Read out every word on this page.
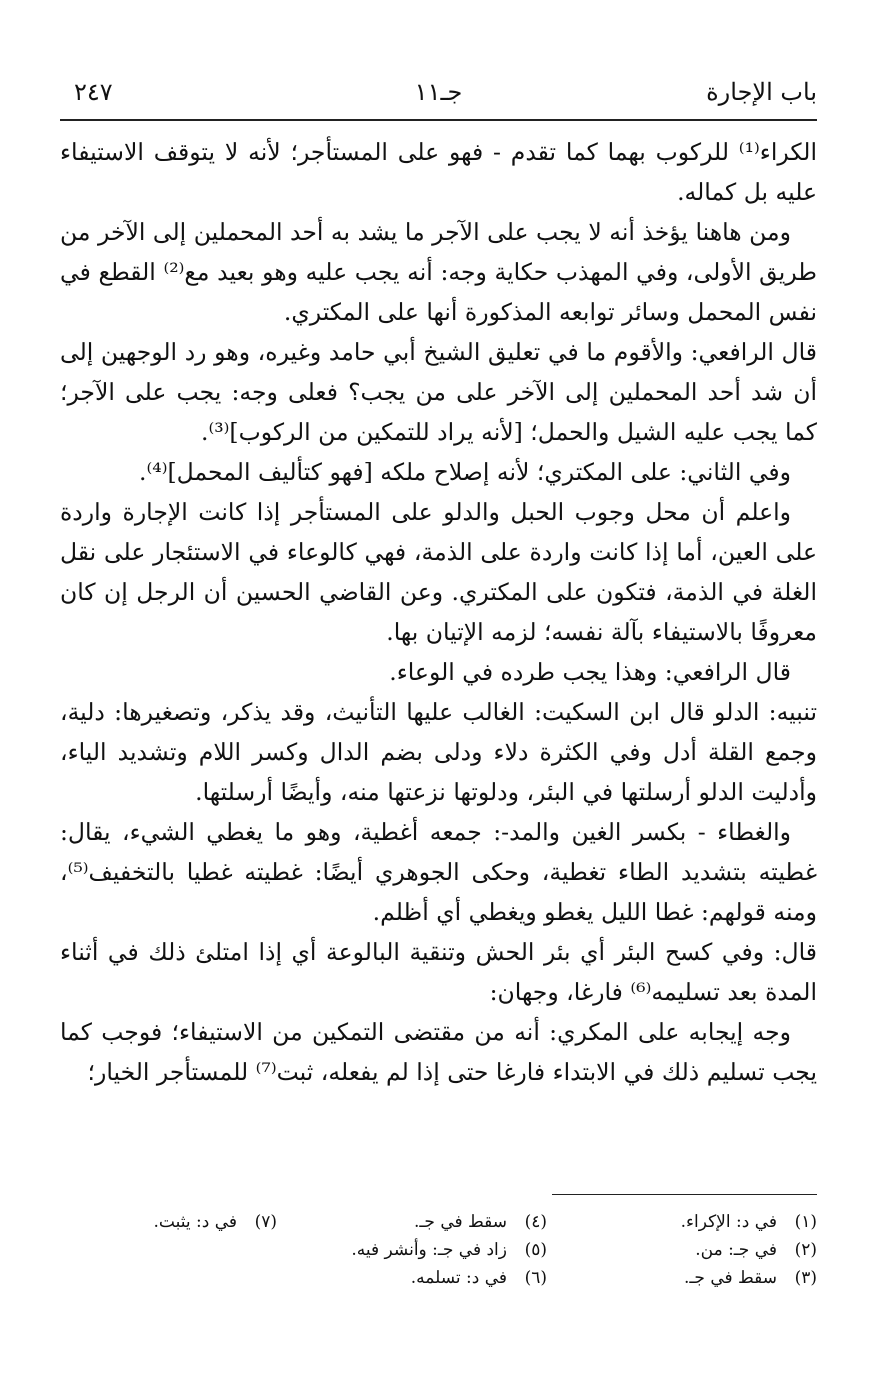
باب الإجارة
جـ١١
٢٤٧

الكراء⁽¹⁾ للركوب بهما كما تقدم - فهو على المستأجر؛ لأنه لا يتوقف الاستيفاء عليه بل كماله.

ومن هاهنا يؤخذ أنه لا يجب على الآجر ما يشد به أحد المحملين إلى الآخر من طريق الأولى، وفي المهذب حكاية وجه: أنه يجب عليه وهو بعيد مع⁽²⁾ القطع في نفس المحمل وسائر توابعه المذكورة أنها على المكتري.

قال الرافعي: والأقوم ما في تعليق الشيخ أبي حامد وغيره، وهو رد الوجهين إلى أن شد أحد المحملين إلى الآخر على من يجب؟ فعلى وجه: يجب على الآجر؛ كما يجب عليه الشيل والحمل؛ [لأنه يراد للتمكين من الركوب]⁽³⁾.

وفي الثاني: على المكتري؛ لأنه إصلاح ملكه [فهو كتأليف المحمل]⁽⁴⁾.

واعلم أن محل وجوب الحبل والدلو على المستأجر إذا كانت الإجارة واردة على العين، أما إذا كانت واردة على الذمة، فهي كالوعاء في الاستئجار على نقل الغلة في الذمة، فتكون على المكتري. وعن القاضي الحسين أن الرجل إن كان معروفًا بالاستيفاء بآلة نفسه؛ لزمه الإتيان بها.

قال الرافعي: وهذا يجب طرده في الوعاء.

تنبيه: الدلو قال ابن السكيت: الغالب عليها التأنيث، وقد يذكر، وتصغيرها: دلية، وجمع القلة أدل وفي الكثرة دلاء ودلى بضم الدال وكسر اللام وتشديد الياء، وأدليت الدلو أرسلتها في البئر، ودلوتها نزعتها منه، وأيضًا أرسلتها.

والغطاء - بكسر الغين والمد-: جمعه أغطية، وهو ما يغطي الشيء، يقال: غطيته بتشديد الطاء تغطية، وحكى الجوهري أيضًا: غطيته غطيا بالتخفيف⁽⁵⁾، ومنه قولهم: غطا الليل يغطو ويغطي أي أظلم.

قال: وفي كسح البئر أي بئر الحش وتنقية البالوعة أي إذا امتلئ ذلك في أثناء المدة بعد تسليمه⁽⁶⁾ فارغا، وجهان:

وجه إيجابه على المكري: أنه من مقتضى التمكين من الاستيفاء؛ فوجب كما يجب تسليم ذلك في الابتداء فارغا حتى إذا لم يفعله، ثبت⁽⁷⁾ للمستأجر الخيار؛

(١)في د: الإكراء.
(٤)سقط في جـ.
(٧)في د: يثبت.
(٢)في جـ: من.
(٥)زاد في جـ: وأنشر فيه.
(٣)سقط في جـ.
(٦)في د: تسلمه.
